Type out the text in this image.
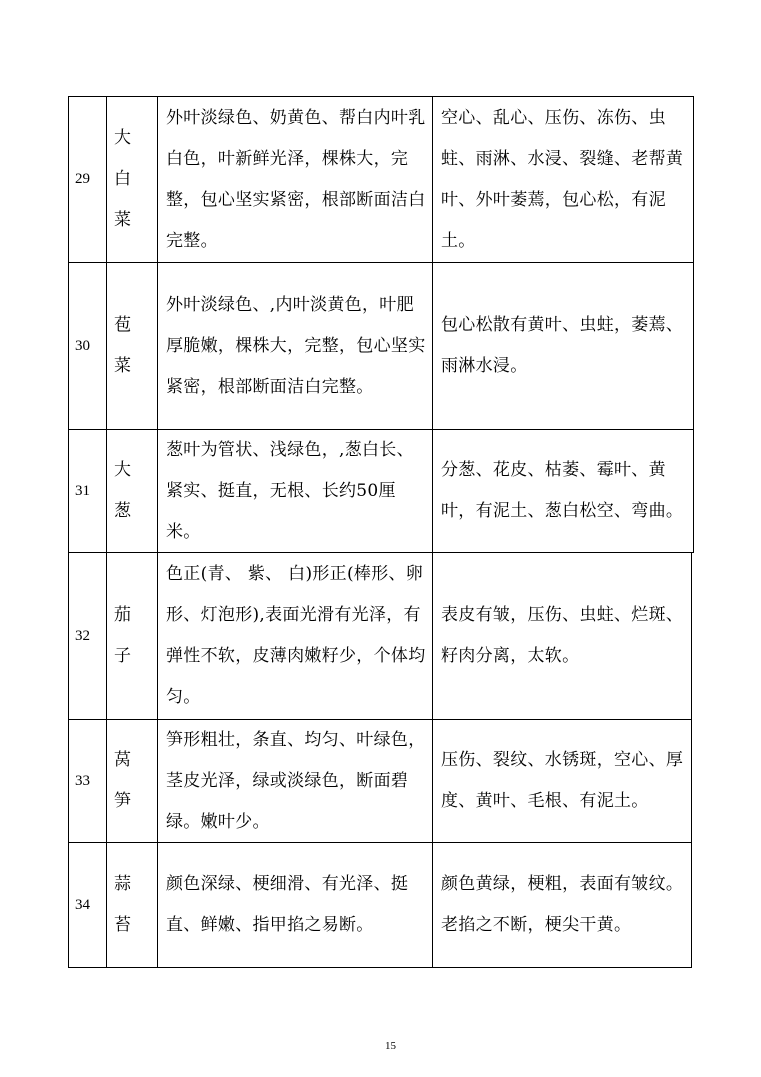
29
大白菜
外叶淡绿色、奶黄色、帮白内叶乳白色，叶新鲜光泽，棵株大，完整，包心坚实紧密，根部断面洁白完整。
空心、乱心、压伤、冻伤、虫蛀、雨淋、水浸、裂缝、老帮黄叶、外叶萎蔫，包心松，有泥土。
30
苞菜
外叶淡绿色、,内叶淡黄色，叶肥厚脆嫩，棵株大，完整，包心坚实紧密，根部断面洁白完整。
包心松散有黄叶、虫蛀，萎蔫、 雨淋水浸。
31
大葱
葱叶为管状、浅绿色，,葱白长、紧实、挺直，无根、长约50厘米。
分葱、花皮、枯萎、霉叶、黄叶，有泥土、葱白松空、弯曲。
32
茄子
色正(青、 紫、 白)形正(棒形、卵形、灯泡形),表面光滑有光泽，有弹性不软，皮薄肉嫩籽少，个体均匀。
表皮有皱，压伤、虫蛀、烂斑、 籽肉分离，太软。
33
莴笋
笋形粗壮，条直、均匀、叶绿色，茎皮光泽，绿或淡绿色，断面碧绿。嫩叶少。
压伤、裂纹、水锈斑，空心、厚度、黄叶、毛根、有泥土。
34
蒜苔
颜色深绿、梗细滑、有光泽、挺直、鲜嫩、指甲掐之易断。
颜色黄绿，梗粗，表面有皱纹。 老掐之不断，梗尖干黄。
15
